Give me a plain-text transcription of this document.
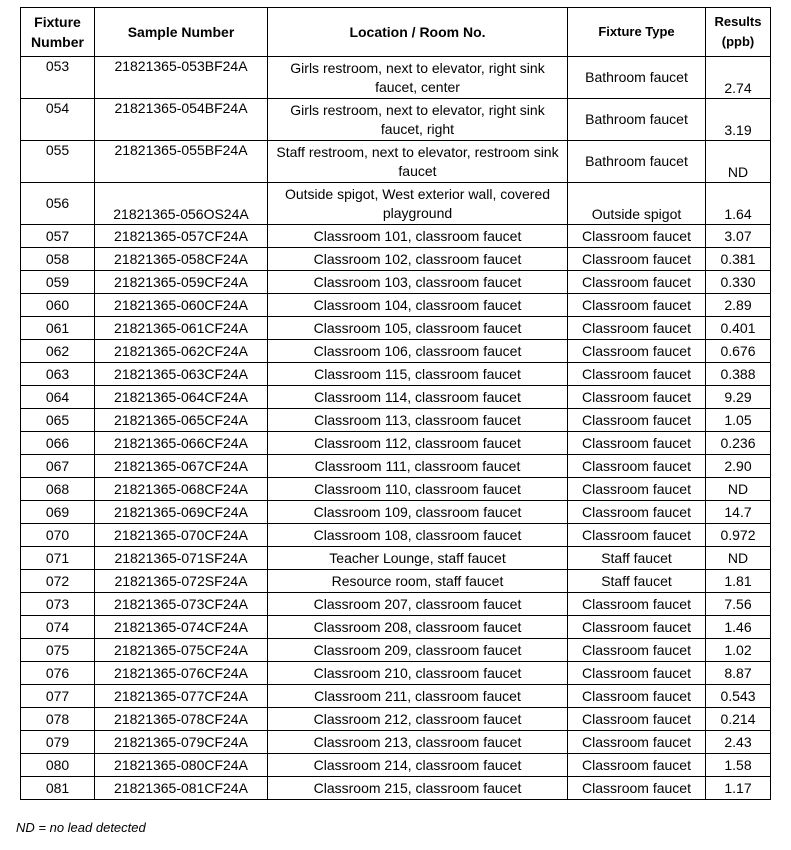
Fixture Number	Sample Number	Location / Room No.	Fixture Type	Results (ppb)
053	21821365-053BF24A	Girls restroom, next to elevator, right sink faucet, center	Bathroom faucet	2.74
054	21821365-054BF24A	Girls restroom, next to elevator, right sink faucet, right	Bathroom faucet	3.19
055	21821365-055BF24A	Staff restroom, next to elevator, restroom sink faucet	Bathroom faucet	ND
056	21821365-056OS24A	Outside spigot, West exterior wall, covered playground	Outside spigot	1.64
057	21821365-057CF24A	Classroom 101, classroom faucet	Classroom faucet	3.07
058	21821365-058CF24A	Classroom 102, classroom faucet	Classroom faucet	0.381
059	21821365-059CF24A	Classroom 103, classroom faucet	Classroom faucet	0.330
060	21821365-060CF24A	Classroom 104, classroom faucet	Classroom faucet	2.89
061	21821365-061CF24A	Classroom 105, classroom faucet	Classroom faucet	0.401
062	21821365-062CF24A	Classroom 106, classroom faucet	Classroom faucet	0.676
063	21821365-063CF24A	Classroom 115, classroom faucet	Classroom faucet	0.388
064	21821365-064CF24A	Classroom 114, classroom faucet	Classroom faucet	9.29
065	21821365-065CF24A	Classroom 113, classroom faucet	Classroom faucet	1.05
066	21821365-066CF24A	Classroom 112, classroom faucet	Classroom faucet	0.236
067	21821365-067CF24A	Classroom 111, classroom faucet	Classroom faucet	2.90
068	21821365-068CF24A	Classroom 110, classroom faucet	Classroom faucet	ND
069	21821365-069CF24A	Classroom 109, classroom faucet	Classroom faucet	14.7
070	21821365-070CF24A	Classroom 108, classroom faucet	Classroom faucet	0.972
071	21821365-071SF24A	Teacher Lounge, staff faucet	Staff faucet	ND
072	21821365-072SF24A	Resource room, staff faucet	Staff faucet	1.81
073	21821365-073CF24A	Classroom 207, classroom faucet	Classroom faucet	7.56
074	21821365-074CF24A	Classroom 208, classroom faucet	Classroom faucet	1.46
075	21821365-075CF24A	Classroom 209, classroom faucet	Classroom faucet	1.02
076	21821365-076CF24A	Classroom 210, classroom faucet	Classroom faucet	8.87
077	21821365-077CF24A	Classroom 211, classroom faucet	Classroom faucet	0.543
078	21821365-078CF24A	Classroom 212, classroom faucet	Classroom faucet	0.214
079	21821365-079CF24A	Classroom 213, classroom faucet	Classroom faucet	2.43
080	21821365-080CF24A	Classroom 214, classroom faucet	Classroom faucet	1.58
081	21821365-081CF24A	Classroom 215, classroom faucet	Classroom faucet	1.17
ND = no lead detected
